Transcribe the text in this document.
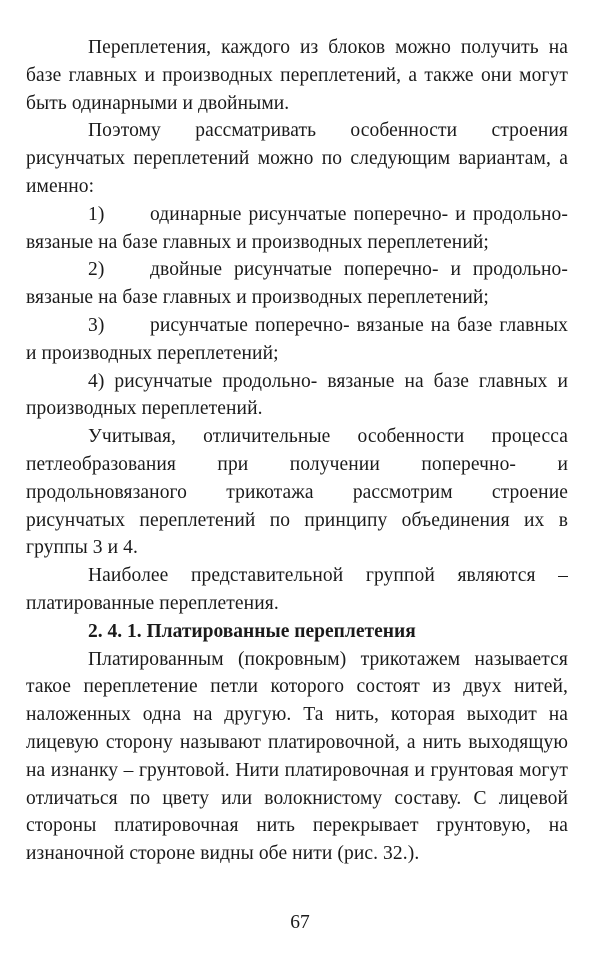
Переплетения, каждого из блоков можно получить на базе главных и производных переплетений, а также они могут быть одинарными и двойными.

Поэтому рассматривать особенности строения рисунчатых переплетений можно по следующим вариантам, а именно:

1) одинарные рисунчатые поперечно- и продольно-вязаные на базе главных и производных переплетений;

2) двойные рисунчатые поперечно- и продольно-вязаные на базе главных и производных переплетений;

3) рисунчатые поперечно- вязаные на базе главных и производных переплетений;

4) рисунчатые продольно- вязаные на базе главных и производных переплетений.

Учитывая, отличительные особенности процесса петлеобразования при получении поперечно- и продольновязаного трикотажа рассмотрим строение рисунчатых переплетений по принципу объединения их в группы 3 и 4.

Наиболее представительной группой являются – платированные переплетения.

2. 4. 1. Платированные переплетения

Платированным (покровным) трикотажем называется такое переплетение петли которого состоят из двух нитей, наложенных одна на другую. Та нить, которая выходит на лицевую сторону называют платировочной, а нить выходящую на изнанку – грунтовой. Нити платировочная и грунтовая могут отличаться по цвету или волокнистому составу. С лицевой стороны платировочная нить перекрывает грунтовую, на изнаночной стороне видны обе нити (рис. 32.).

67
